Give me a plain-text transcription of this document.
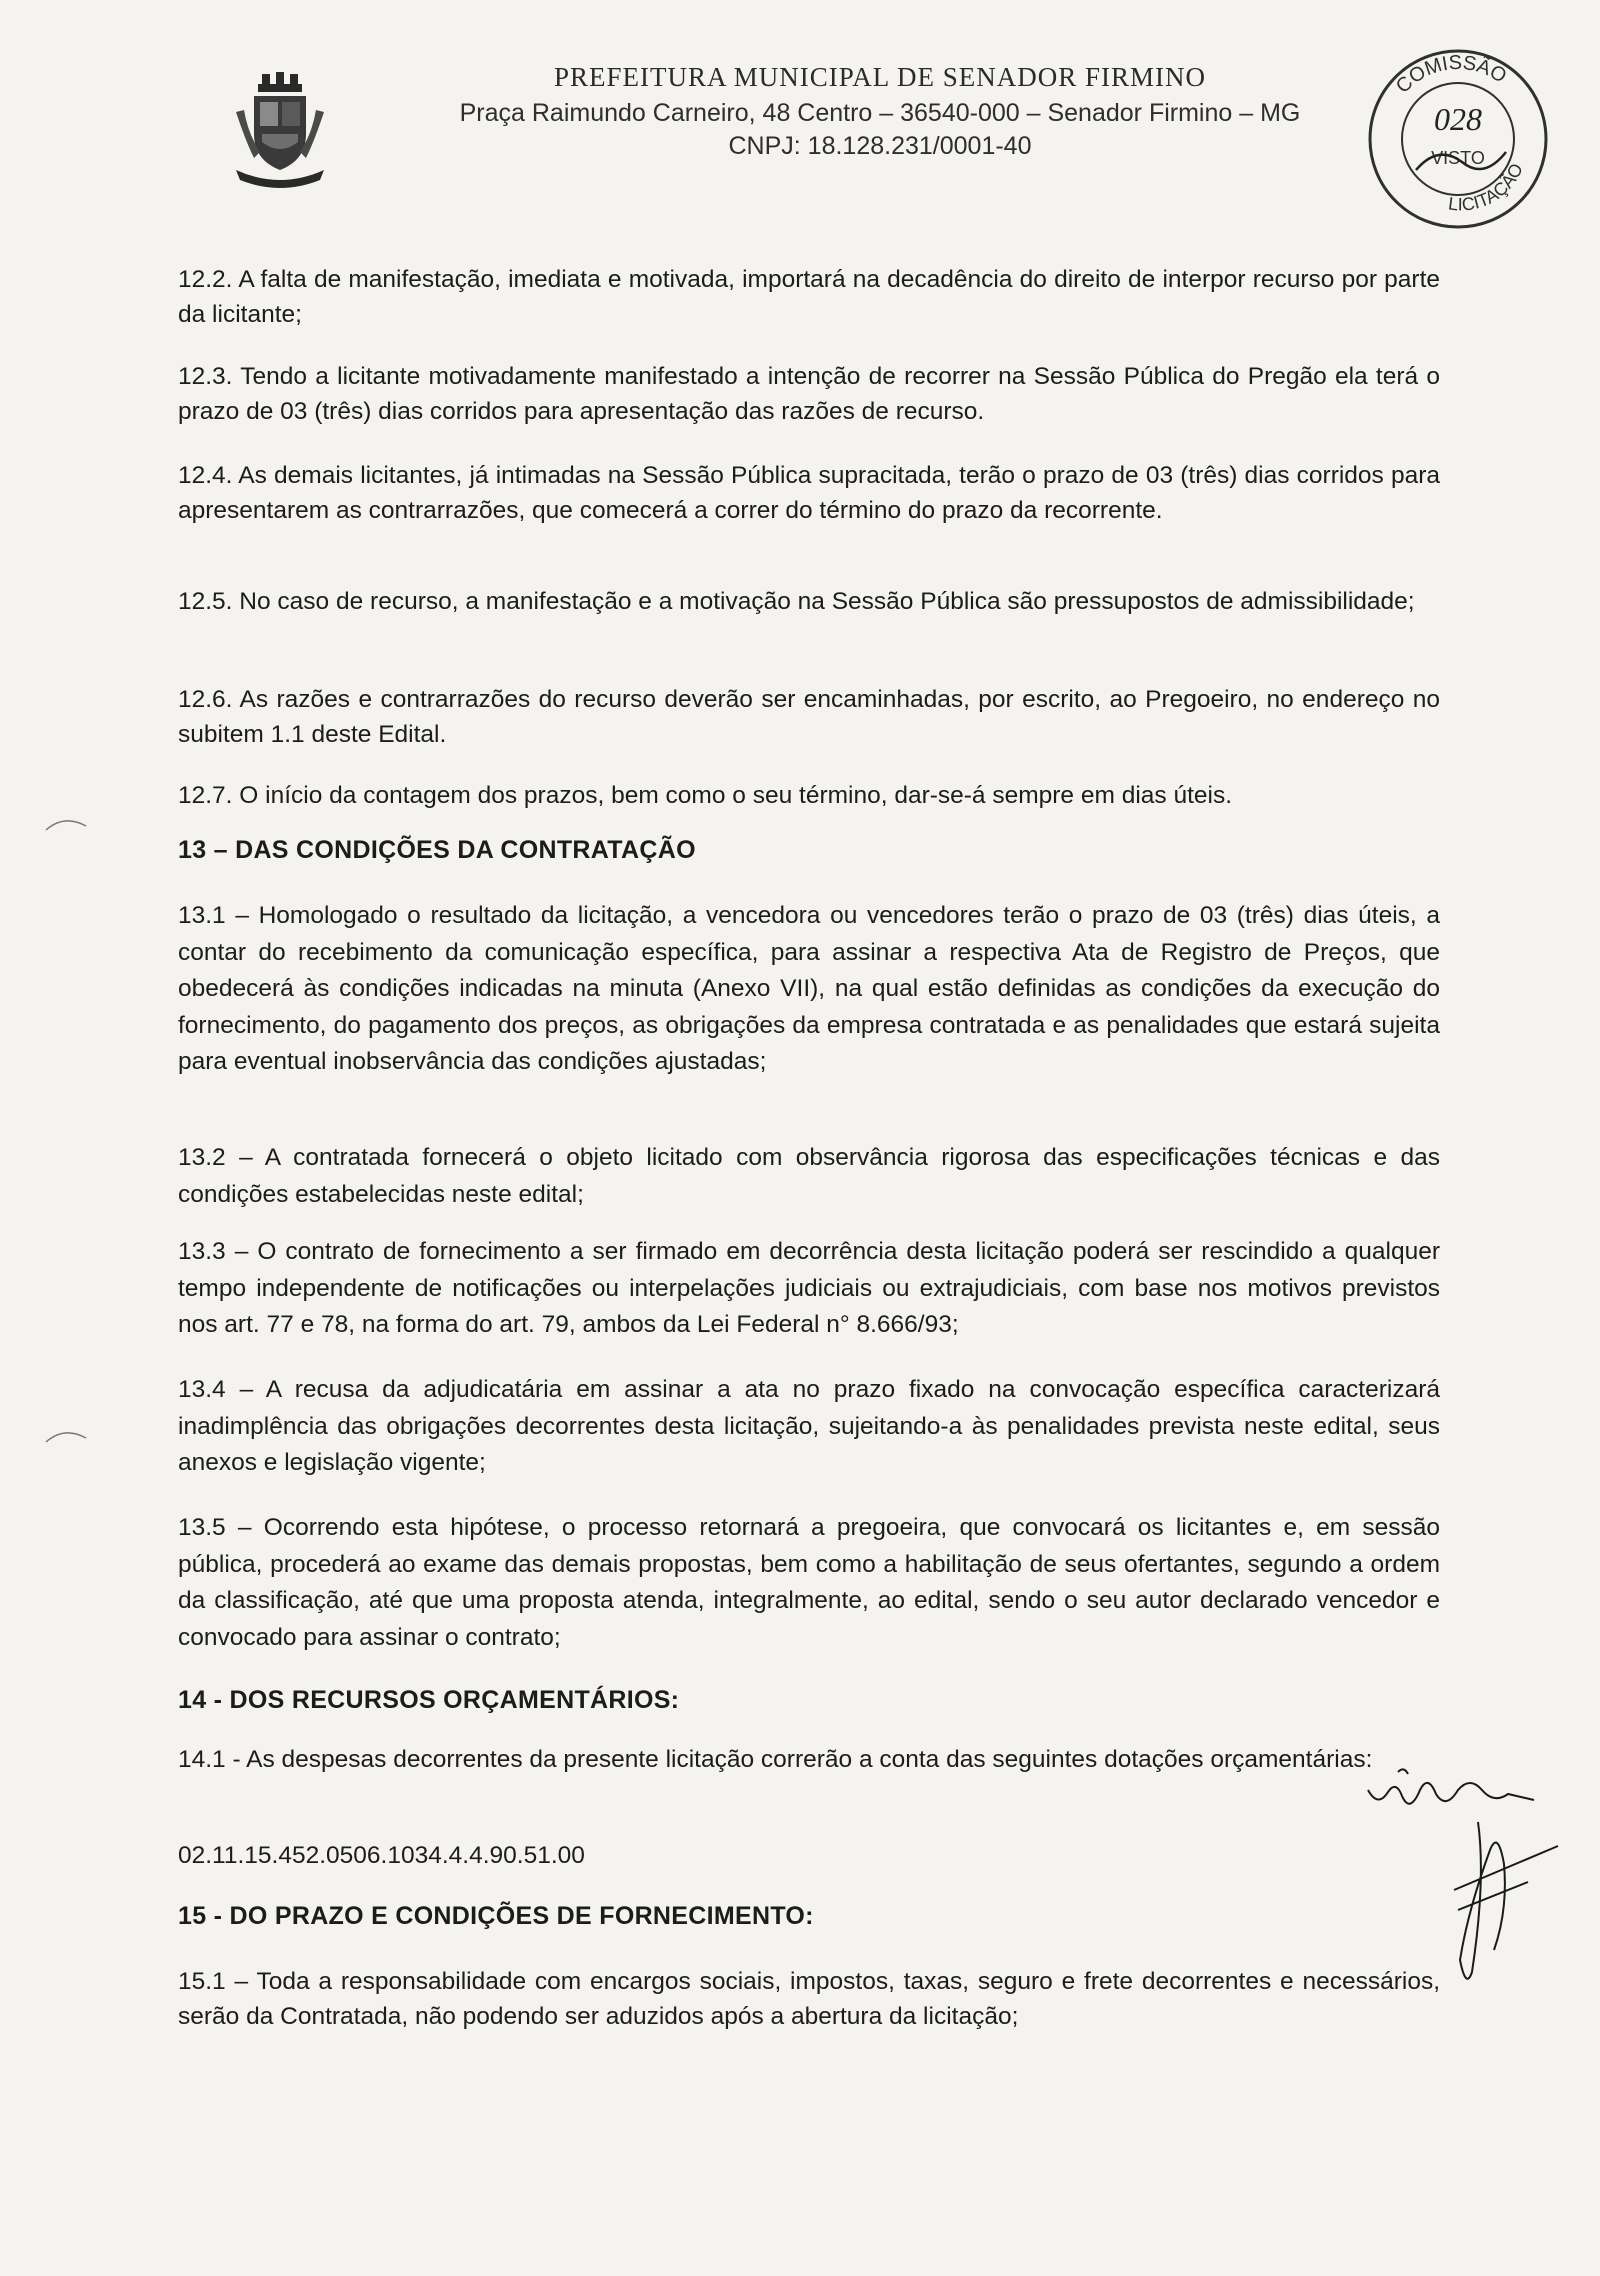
PREFEITURA MUNICIPAL DE SENADOR FIRMINO
Praça Raimundo Carneiro, 48 Centro – 36540-000 – Senador Firmino – MG
CNPJ: 18.128.231/0001-40
COMISSÃO
028
VISTO
LICITAÇÃO

12.2. A falta de manifestação, imediata e motivada, importará na decadência do direito de interpor recurso por parte da licitante;

12.3. Tendo a licitante motivadamente manifestado a intenção de recorrer na Sessão Pública do Pregão ela terá o prazo de 03 (três) dias corridos para apresentação das razões de recurso.

12.4. As demais licitantes, já intimadas na Sessão Pública supracitada, terão o prazo de 03 (três) dias corridos para apresentarem as contrarrazões, que comecerá a correr do término do prazo da recorrente.

12.5. No caso de recurso, a manifestação e a motivação na Sessão Pública são pressupostos de admissibilidade;

12.6. As razões e contrarrazões do recurso deverão ser encaminhadas, por escrito, ao Pregoeiro, no endereço no subitem 1.1 deste Edital.

12.7. O início da contagem dos prazos, bem como o seu término, dar-se-á sempre em dias úteis.

13 – DAS CONDIÇÕES DA CONTRATAÇÃO

13.1 – Homologado o resultado da licitação, a vencedora ou vencedores terão o prazo de 03 (três) dias úteis, a contar do recebimento da comunicação específica, para assinar a respectiva Ata de Registro de Preços, que obedecerá às condições indicadas na minuta (Anexo VII), na qual estão definidas as condições da execução do fornecimento, do pagamento dos preços, as obrigações da empresa contratada e as penalidades que estará sujeita para eventual inobservância das condições ajustadas;

13.2 – A contratada fornecerá o objeto licitado com observância rigorosa das especificações técnicas e das condições estabelecidas neste edital;

13.3 – O contrato de fornecimento a ser firmado em decorrência desta licitação poderá ser rescindido a qualquer tempo independente de notificações ou interpelações judiciais ou extrajudiciais, com base nos motivos previstos nos art. 77 e 78, na forma do art. 79, ambos da Lei Federal n° 8.666/93;

13.4 – A recusa da adjudicatária em assinar a ata no prazo fixado na convocação específica caracterizará inadimplência das obrigações decorrentes desta licitação, sujeitando-a às penalidades prevista neste edital, seus anexos e legislação vigente;

13.5 – Ocorrendo esta hipótese, o processo retornará a pregoeira, que convocará os licitantes e, em sessão pública, procederá ao exame das demais propostas, bem como a habilitação de seus ofertantes, segundo a ordem da classificação, até que uma proposta atenda, integralmente, ao edital, sendo o seu autor declarado vencedor e convocado para assinar o contrato;

14 - DOS RECURSOS ORÇAMENTÁRIOS:

14.1 - As despesas decorrentes da presente licitação correrão a conta das seguintes dotações orçamentárias:

02.11.15.452.0506.1034.4.4.90.51.00

15 - DO PRAZO E CONDIÇÕES DE FORNECIMENTO:

15.1 – Toda a responsabilidade com encargos sociais, impostos, taxas, seguro e frete decorrentes e necessários, serão da Contratada, não podendo ser aduzidos após a abertura da licitação;
